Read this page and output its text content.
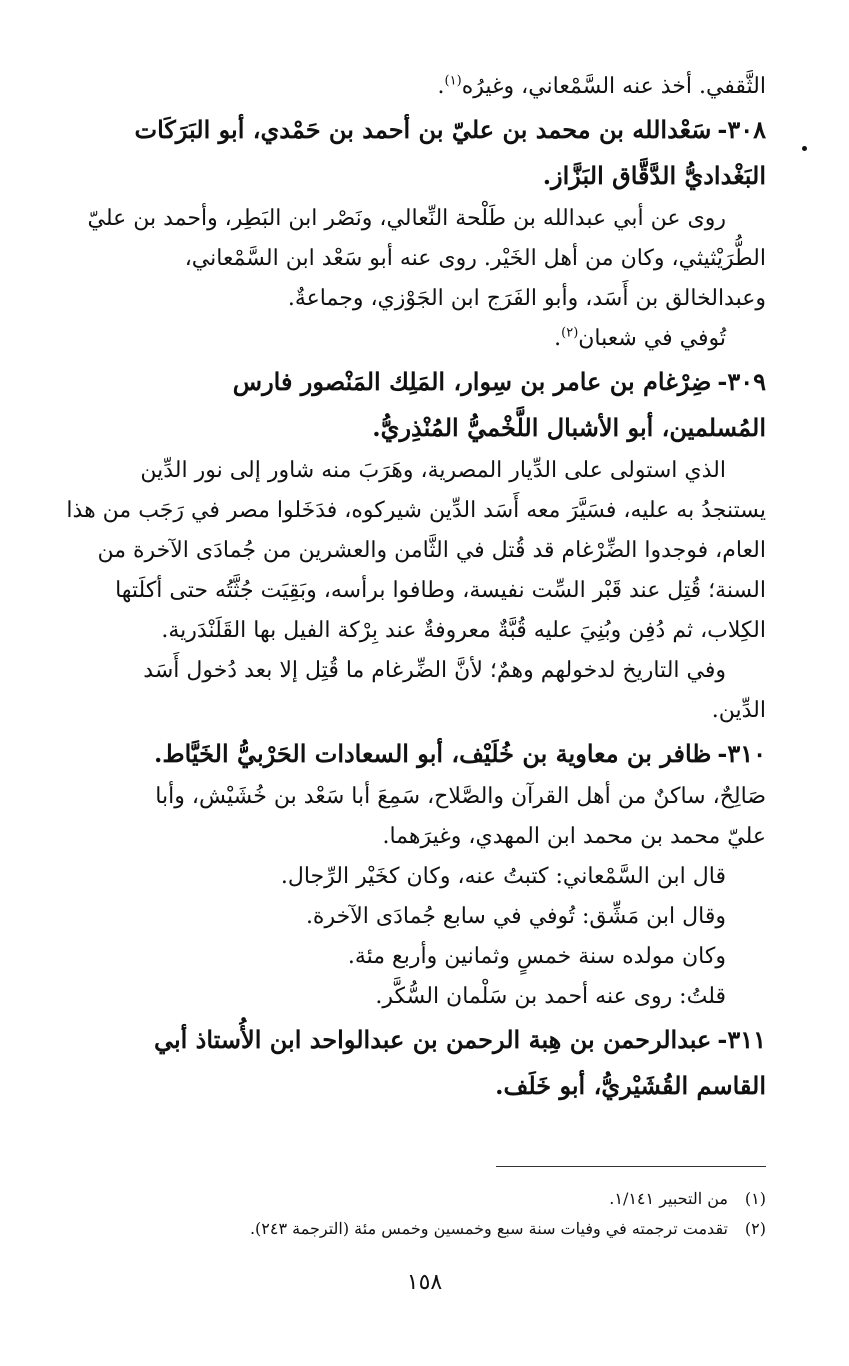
الثَّقفي. أخذ عنه السَّمْعاني، وغيرُه$^{(١)}$.

٣٠٨-سَعْدالله بن محمد بن عليّ بن أحمد بن حَمْدي، أبو البَرَكَات

البَغْداديُّ الدَّقَّاق البَزَّاز.

روى عن أبي عبدالله بن طَلْحة النِّعالي، ونَصْر ابن البَطِر، وأحمد بن عليّ

الطُّرَيْثيثي، وكان من أهل الخَيْر. روى عنه أبو سَعْد ابن السَّمْعاني،

وعبدالخالق بن أَسَد، وأبو الفَرَج ابن الجَوْزي، وجماعةٌ.

تُوفي في شعبان$^{(٢)}$.

٣٠٩-ضِرْغام بن عامر بن سِوار، المَلِك المَنْصور فارس

المُسلمين، أبو الأشبال اللَّخْميُّ المُنْذِريُّ.

الذي استولى على الدِّيار المصرية، وهَرَبَ منه شاور إلى نور الدِّين

يستنجدُ به عليه، فسَيَّرَ معه أَسَد الدِّين شيركوه، فدَخَلوا مصر في رَجَب من هذا

العام، فوجدوا الضِّرْغام قد قُتل في الثَّامن والعشرين من جُمادَى الآخرة من

السنة؛ قُتِل عند قَبْر السِّت نفيسة، وطافوا برأسه، وبَقِيَت جُثَّتُه حتى أكلَتها

الكِلاب، ثم دُفِن وبُنِيَ عليه قُبَّةٌ معروفةٌ عند بِرْكة الفيل بها القَلَنْدَرية.

وفي التاريخ لدخولهم وهمٌ؛ لأنَّ الضِّرغام ما قُتِل إلا بعد دُخول أَسَد

الدِّين.

٣١٠-ظافر بن معاوية بن خُلَيْف، أبو السعادات الحَرْبيُّ الخَيَّاط.

صَالِحٌ، ساكنٌ من أهل القرآن والصَّلاح، سَمِعَ أبا سَعْد بن خُشَيْش، وأبا

عليّ محمد بن محمد ابن المهدي، وغيرَهما.

قال ابن السَّمْعاني: كتبتُ عنه، وكان كخَيْر الرِّجال.

وقال ابن مَشِّق: تُوفي في سابع جُمادَى الآخرة.

وكان مولده سنة خمسٍ وثمانين وأربع مئة.

قلتُ: روى عنه أحمد بن سَلْمان السُّكَّر.

٣١١-عبدالرحمن بن هِبة الرحمن بن عبدالواحد ابن الأُستاذ أبي

القاسم القُشَيْريُّ، أبو خَلَف.

(١)من التحبير ١/١٤١.
(٢)تقدمت ترجمته في وفيات سنة سبع وخمسين وخمس مئة (الترجمة ٢٤٣).
١٥٨
